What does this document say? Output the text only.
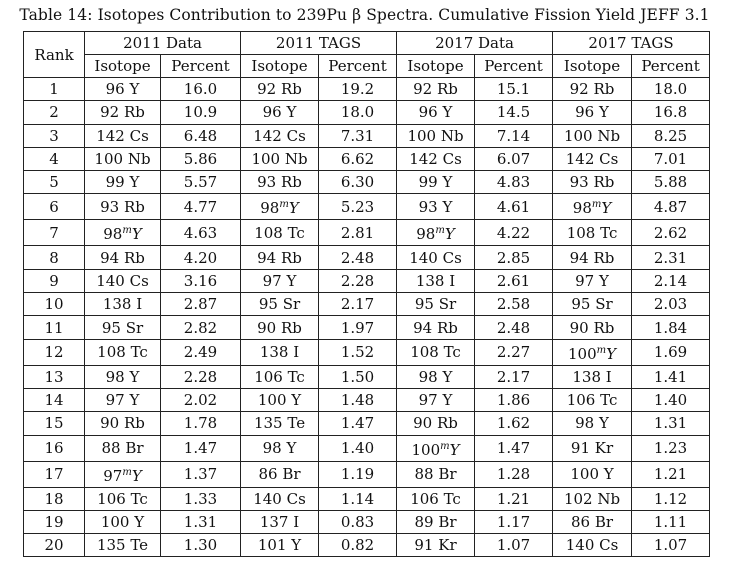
Table 14: Isotopes Contribution to 239Pu β Spectra. Cumulative Fission Yield JEFF 3.1
Rank	2011 Data		2011 TAGS		2017 Data		2017 TAGS	
	Isotope	Percent	Isotope	Percent	Isotope	Percent	Isotope	Percent
1	96 Y	16.0	92 Rb	19.2	92 Rb	15.1	92 Rb	18.0
2	92 Rb	10.9	96 Y	18.0	96 Y	14.5	96 Y	16.8
3	142 Cs	6.48	142 Cs	7.31	100 Nb	7.14	100 Nb	8.25
4	100 Nb	5.86	100 Nb	6.62	142 Cs	6.07	142 Cs	7.01
5	99 Y	5.57	93 Rb	6.30	99 Y	4.83	93 Rb	5.88
6	93 Rb	4.77	98$^m$Y	5.23	93 Y	4.61	98$^m$Y	4.87
7	98$^m$Y	4.63	108 Tc	2.81	98$^m$Y	4.22	108 Tc	2.62
8	94 Rb	4.20	94 Rb	2.48	140 Cs	2.85	94 Rb	2.31
9	140 Cs	3.16	97 Y	2.28	138 I	2.61	97 Y	2.14
10	138 I	2.87	95 Sr	2.17	95 Sr	2.58	95 Sr	2.03
11	95 Sr	2.82	90 Rb	1.97	94 Rb	2.48	90 Rb	1.84
12	108 Tc	2.49	138 I	1.52	108 Tc	2.27	100$^m$Y	1.69
13	98 Y	2.28	106 Tc	1.50	98 Y	2.17	138 I	1.41
14	97 Y	2.02	100 Y	1.48	97 Y	1.86	106 Tc	1.40
15	90 Rb	1.78	135 Te	1.47	90 Rb	1.62	98 Y	1.31
16	88 Br	1.47	98 Y	1.40	100$^m$Y	1.47	91 Kr	1.23
17	97$^m$Y	1.37	86 Br	1.19	88 Br	1.28	100 Y	1.21
18	106 Tc	1.33	140 Cs	1.14	106 Tc	1.21	102 Nb	1.12
19	100 Y	1.31	137 I	0.83	89 Br	1.17	86 Br	1.11
20	135 Te	1.30	101 Y	0.82	91 Kr	1.07	140 Cs	1.07
